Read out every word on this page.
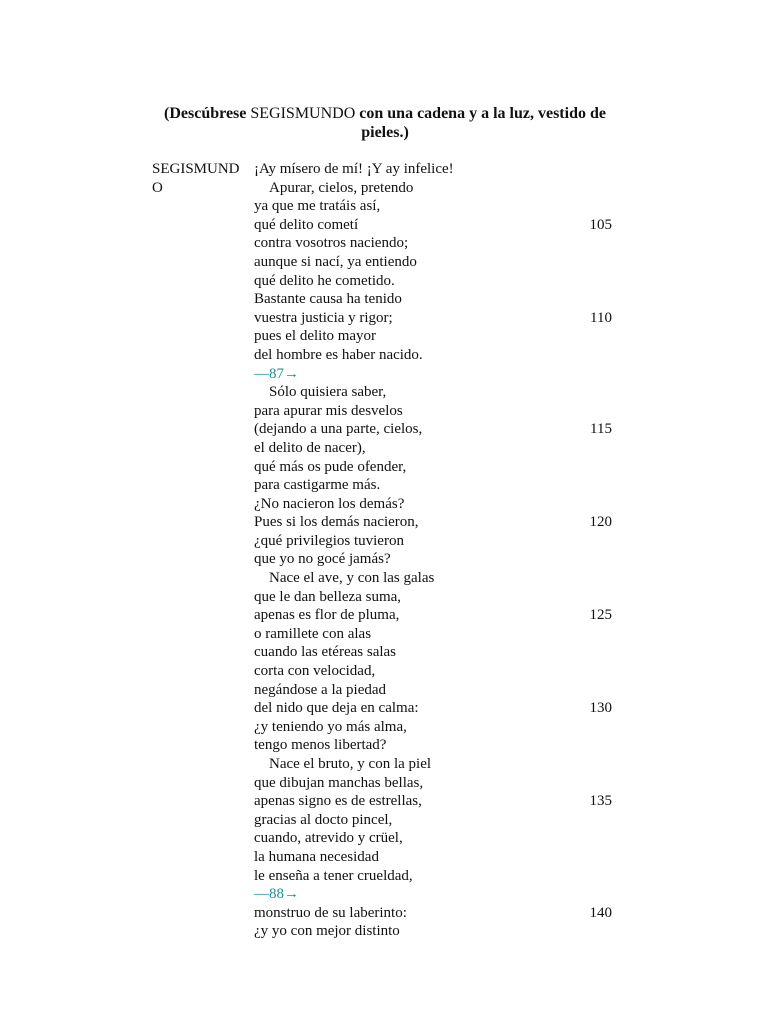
(Descúbrese SEGISMUNDO con una cadena y a la luz, vestido de pieles.)
SEGISMUNDO
¡Ay mísero de mí! ¡Y ay infelice!
Apurar, cielos, pretendo
ya que me tratáis así,
qué delito cometí	105
contra vosotros naciendo;
aunque si nací, ya entiendo
qué delito he cometido.
Bastante causa ha tenido
vuestra justicia y rigor;	110
pues el delito mayor
del hombre es haber nacido.
—87→
Sólo quisiera saber,
para apurar mis desvelos
(dejando a una parte, cielos,	115
el delito de nacer),
qué más os pude ofender,
para castigarme más.
¿No nacieron los demás?
Pues si los demás nacieron,	120
¿qué privilegios tuvieron
que yo no gocé jamás?
Nace el ave, y con las galas
que le dan belleza suma,
apenas es flor de pluma,	125
o ramillete con alas
cuando las etéreas salas
corta con velocidad,
negándose a la piedad
del nido que deja en calma:	130
¿y teniendo yo más alma,
tengo menos libertad?
Nace el bruto, y con la piel
que dibujan manchas bellas,
apenas signo es de estrellas,	135
gracias al docto pincel,
cuando, atrevido y crüel,
la humana necesidad
le enseña a tener crueldad,
—88→
monstruo de su laberinto:	140
¿y yo con mejor distinto
